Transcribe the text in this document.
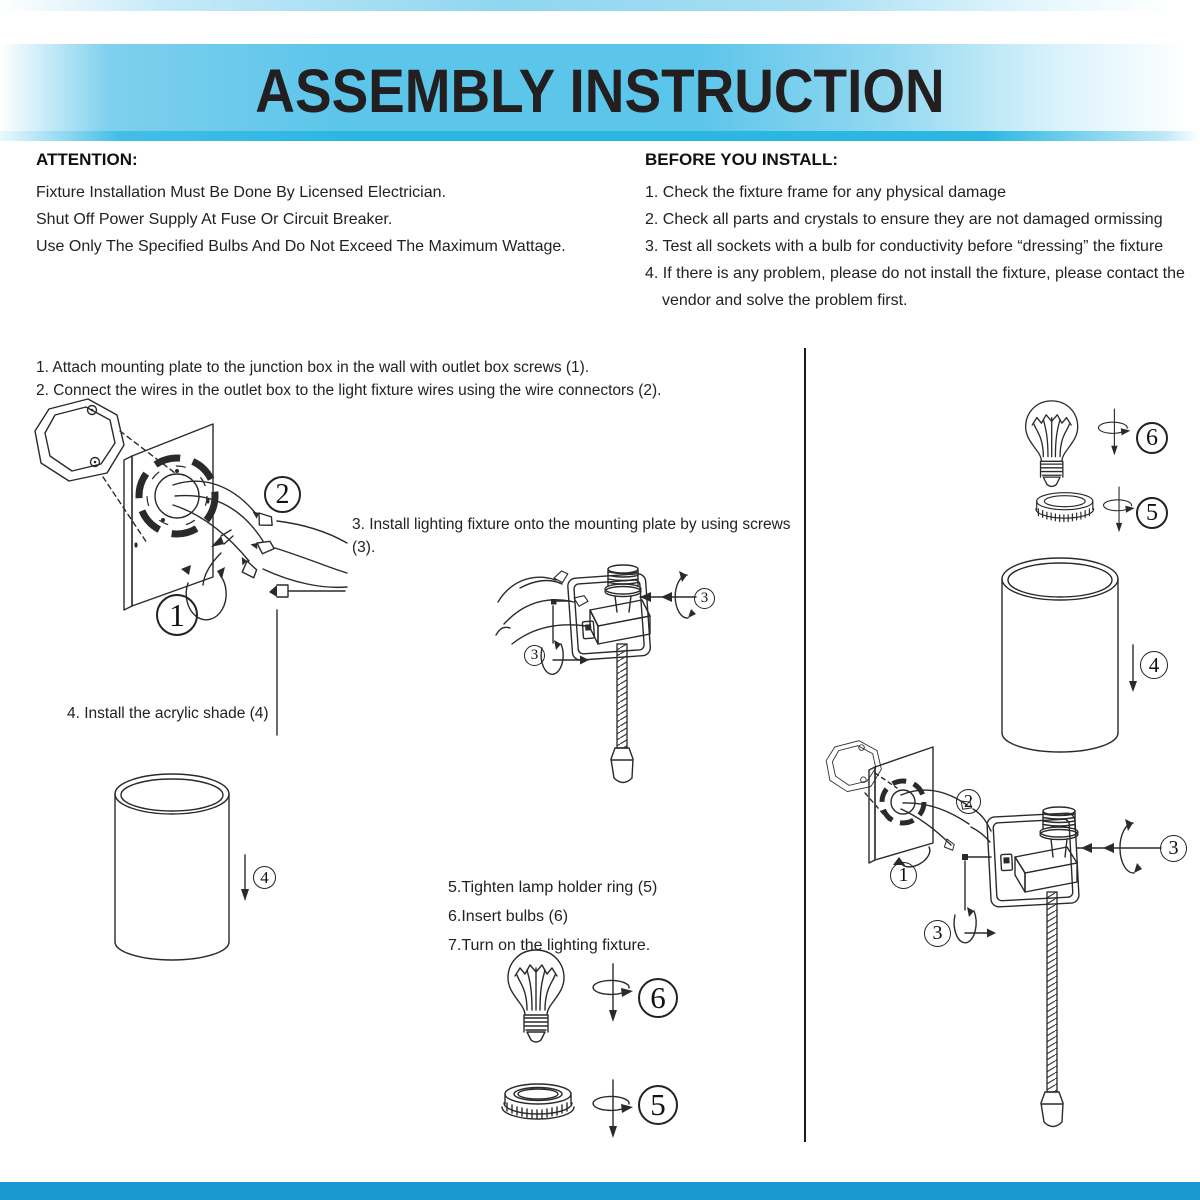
ASSEMBLY INSTRUCTION

ATTENTION:

Fixture Installation Must Be Done By Licensed Electrician.

Shut Off Power Supply At Fuse Or Circuit Breaker.

Use Only The Specified Bulbs And Do Not Exceed The Maximum Wattage.

BEFORE YOU INSTALL:

1. Check the fixture frame for any physical damage

2. Check all parts and crystals to ensure they are not damaged ormissing

3. Test all sockets with a bulb for conductivity before “dressing” the fixture

4. If there is any problem, please do not install the fixture, please contact the

vendor and solve the problem first.

1. Attach mounting plate to the junction box in the wall with outlet box screws (1).

2. Connect the wires in the outlet box to the light fixture wires using the wire connectors (2).

3. Install lighting fixture onto the mounting plate by using screws (3).

4. Install the acrylic shade (4)

5.Tighten lamp holder ring (5)

6.Insert bulbs (6)

7.Turn on the lighting fixture.

2
1	3
3
4
6
5
6
5
4
2
3
1
3
